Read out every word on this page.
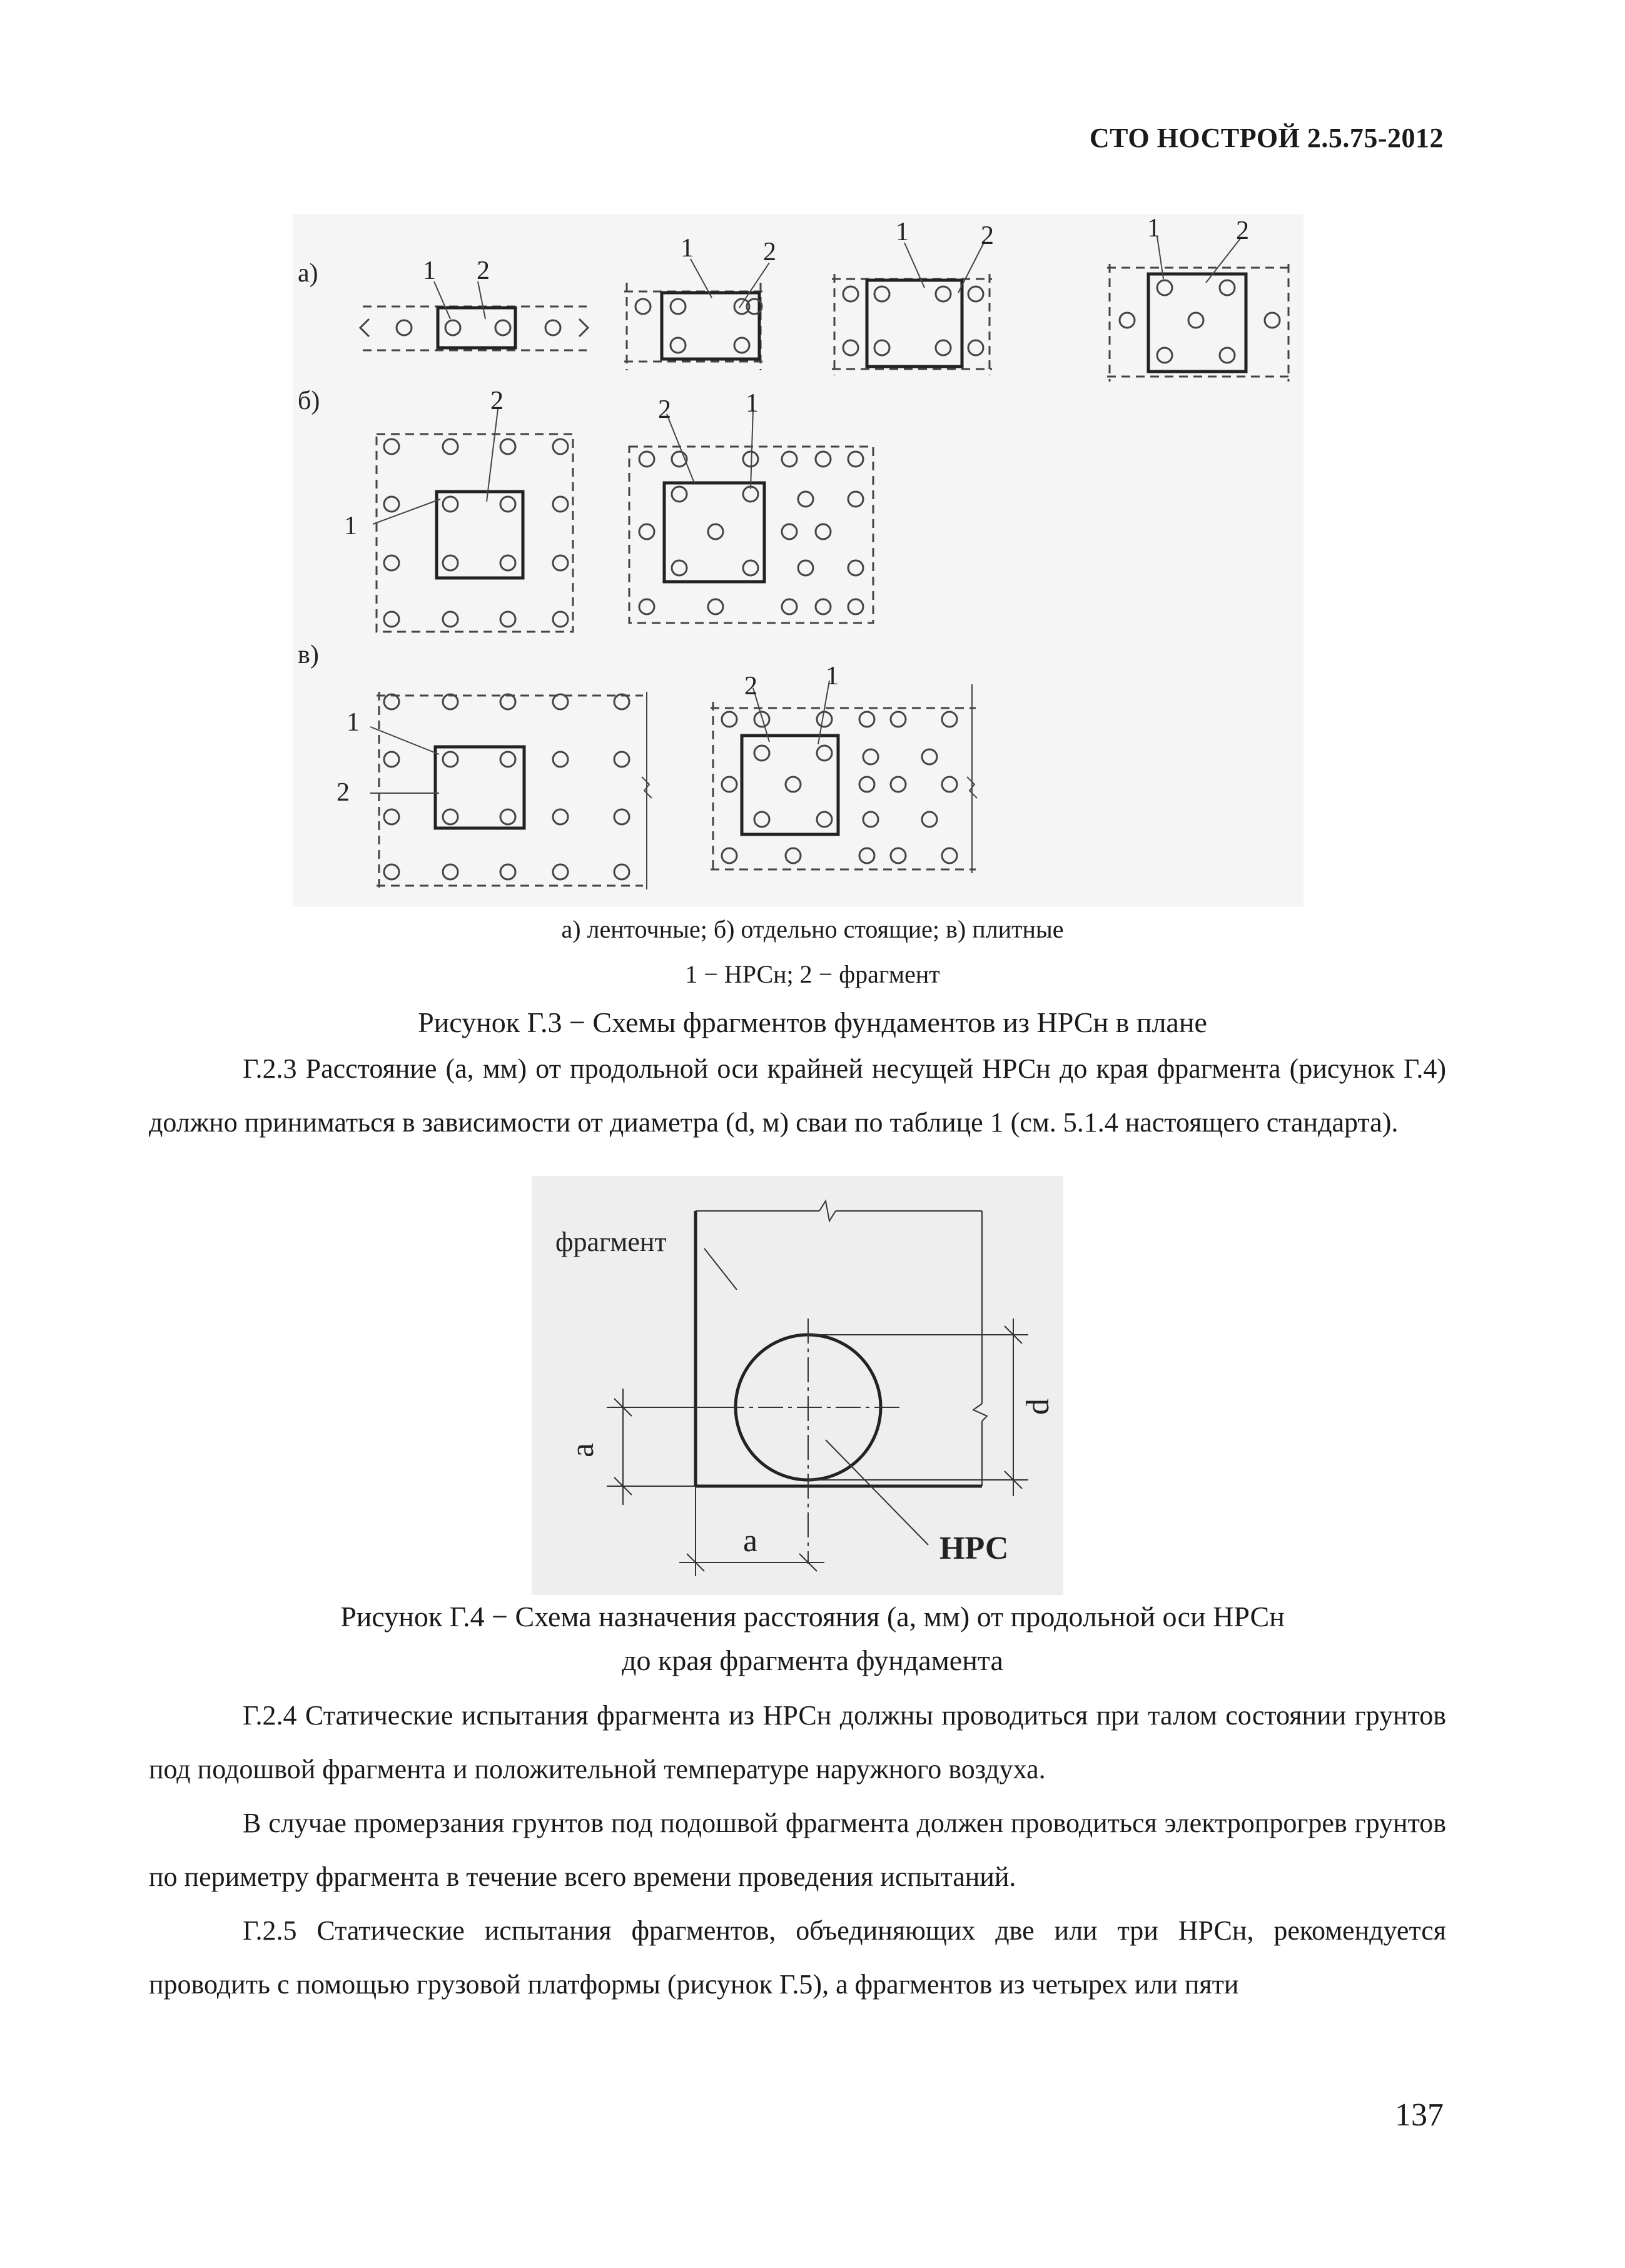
СТО НОСТРОЙ 2.5.75-2012
а)
б)
в)
1 2
1	2
1	2	1	2
2
1
2	1
1
2
2	1
а) ленточные; б) отдельно стоящие; в) плитные
1 − НРСн; 2 − фрагмент
Рисунок Г.3 − Схемы фрагментов фундаментов из НРСн в плане

Г.2.3 Расстояние (а, мм) от продольной оси крайней несущей НРСн до края фрагмента (рисунок Г.4) должно приниматься в зависимости от диаметра (d, м) сваи по таблице 1 (см. 5.1.4 настоящего стандарта).

фрагмент
a
a
d
НРС
Рисунок Г.4 − Схема назначения расстояния (а, мм) от продольной оси НРСн
до края фрагмента фундамента

Г.2.4 Статические испытания фрагмента из НРСн должны проводиться при талом состоянии грунтов под подошвой фрагмента и положительной температуре наружного воздуха.

В случае промерзания грунтов под подошвой фрагмента должен проводиться электропрогрев грунтов по периметру фрагмента в течение всего времени проведения испытаний.

Г.2.5 Статические испытания фрагментов, объединяющих две или три НРСн, рекомендуется проводить с помощью грузовой платформы (рисунок Г.5), а фрагментов из четырех или пяти

137
